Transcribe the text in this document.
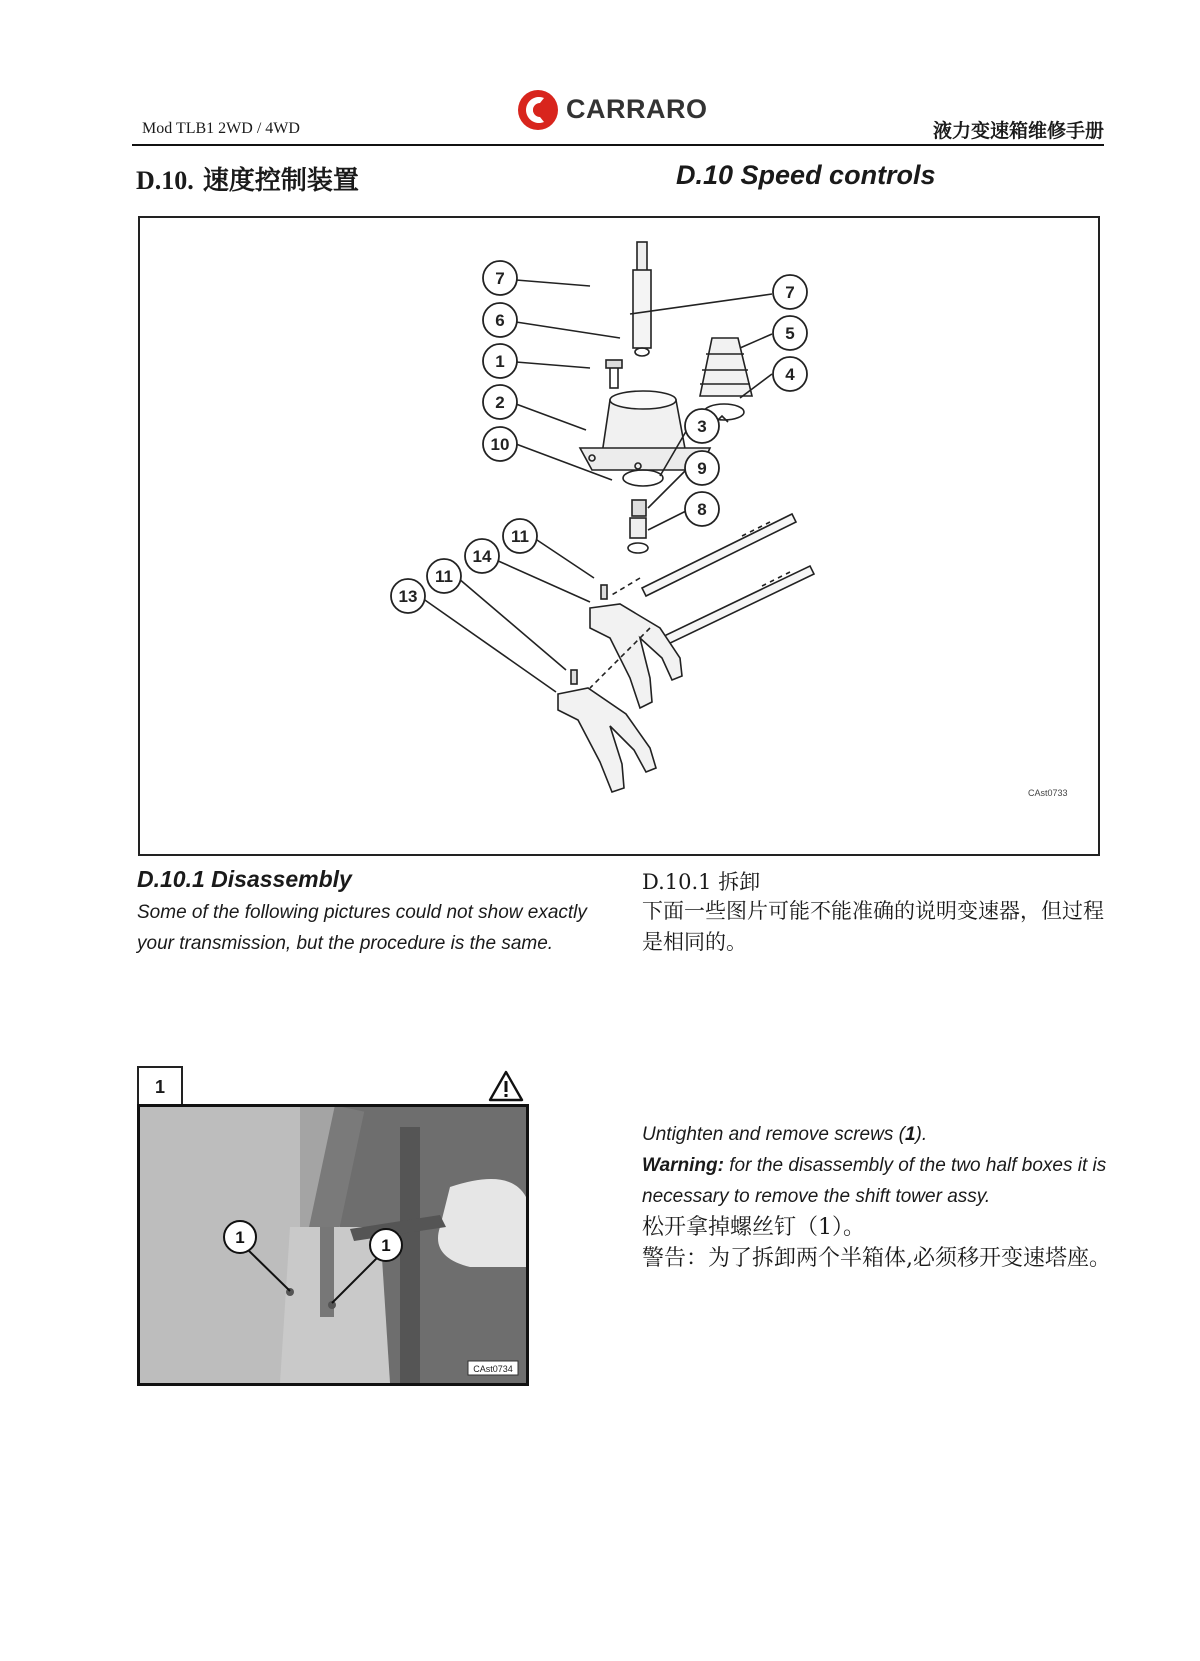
Mod TLB1 2WD / 4WD
CARRARO
液力变速箱维修手册
D.10. 速度控制装置	D.10 Speed controls
7
6
1
2
10
7
5
4
3
9
8
11
14
11
13
CAst0733
D.10.1 Disassembly
Some of the following pictures could not show exactly your transmission, but the procedure is the same.
D.10.1 拆卸
下面一些图片可能不能准确的说明变速器，但过程是相同的。
1
1	1
CAst0734
Untighten and remove screws (1).
Warning: for the disassembly of the two half boxes it is necessary to remove the shift tower assy.
松开拿掉螺丝钉（1）。
警告：为了拆卸两个半箱体,必须移开变速塔座。
